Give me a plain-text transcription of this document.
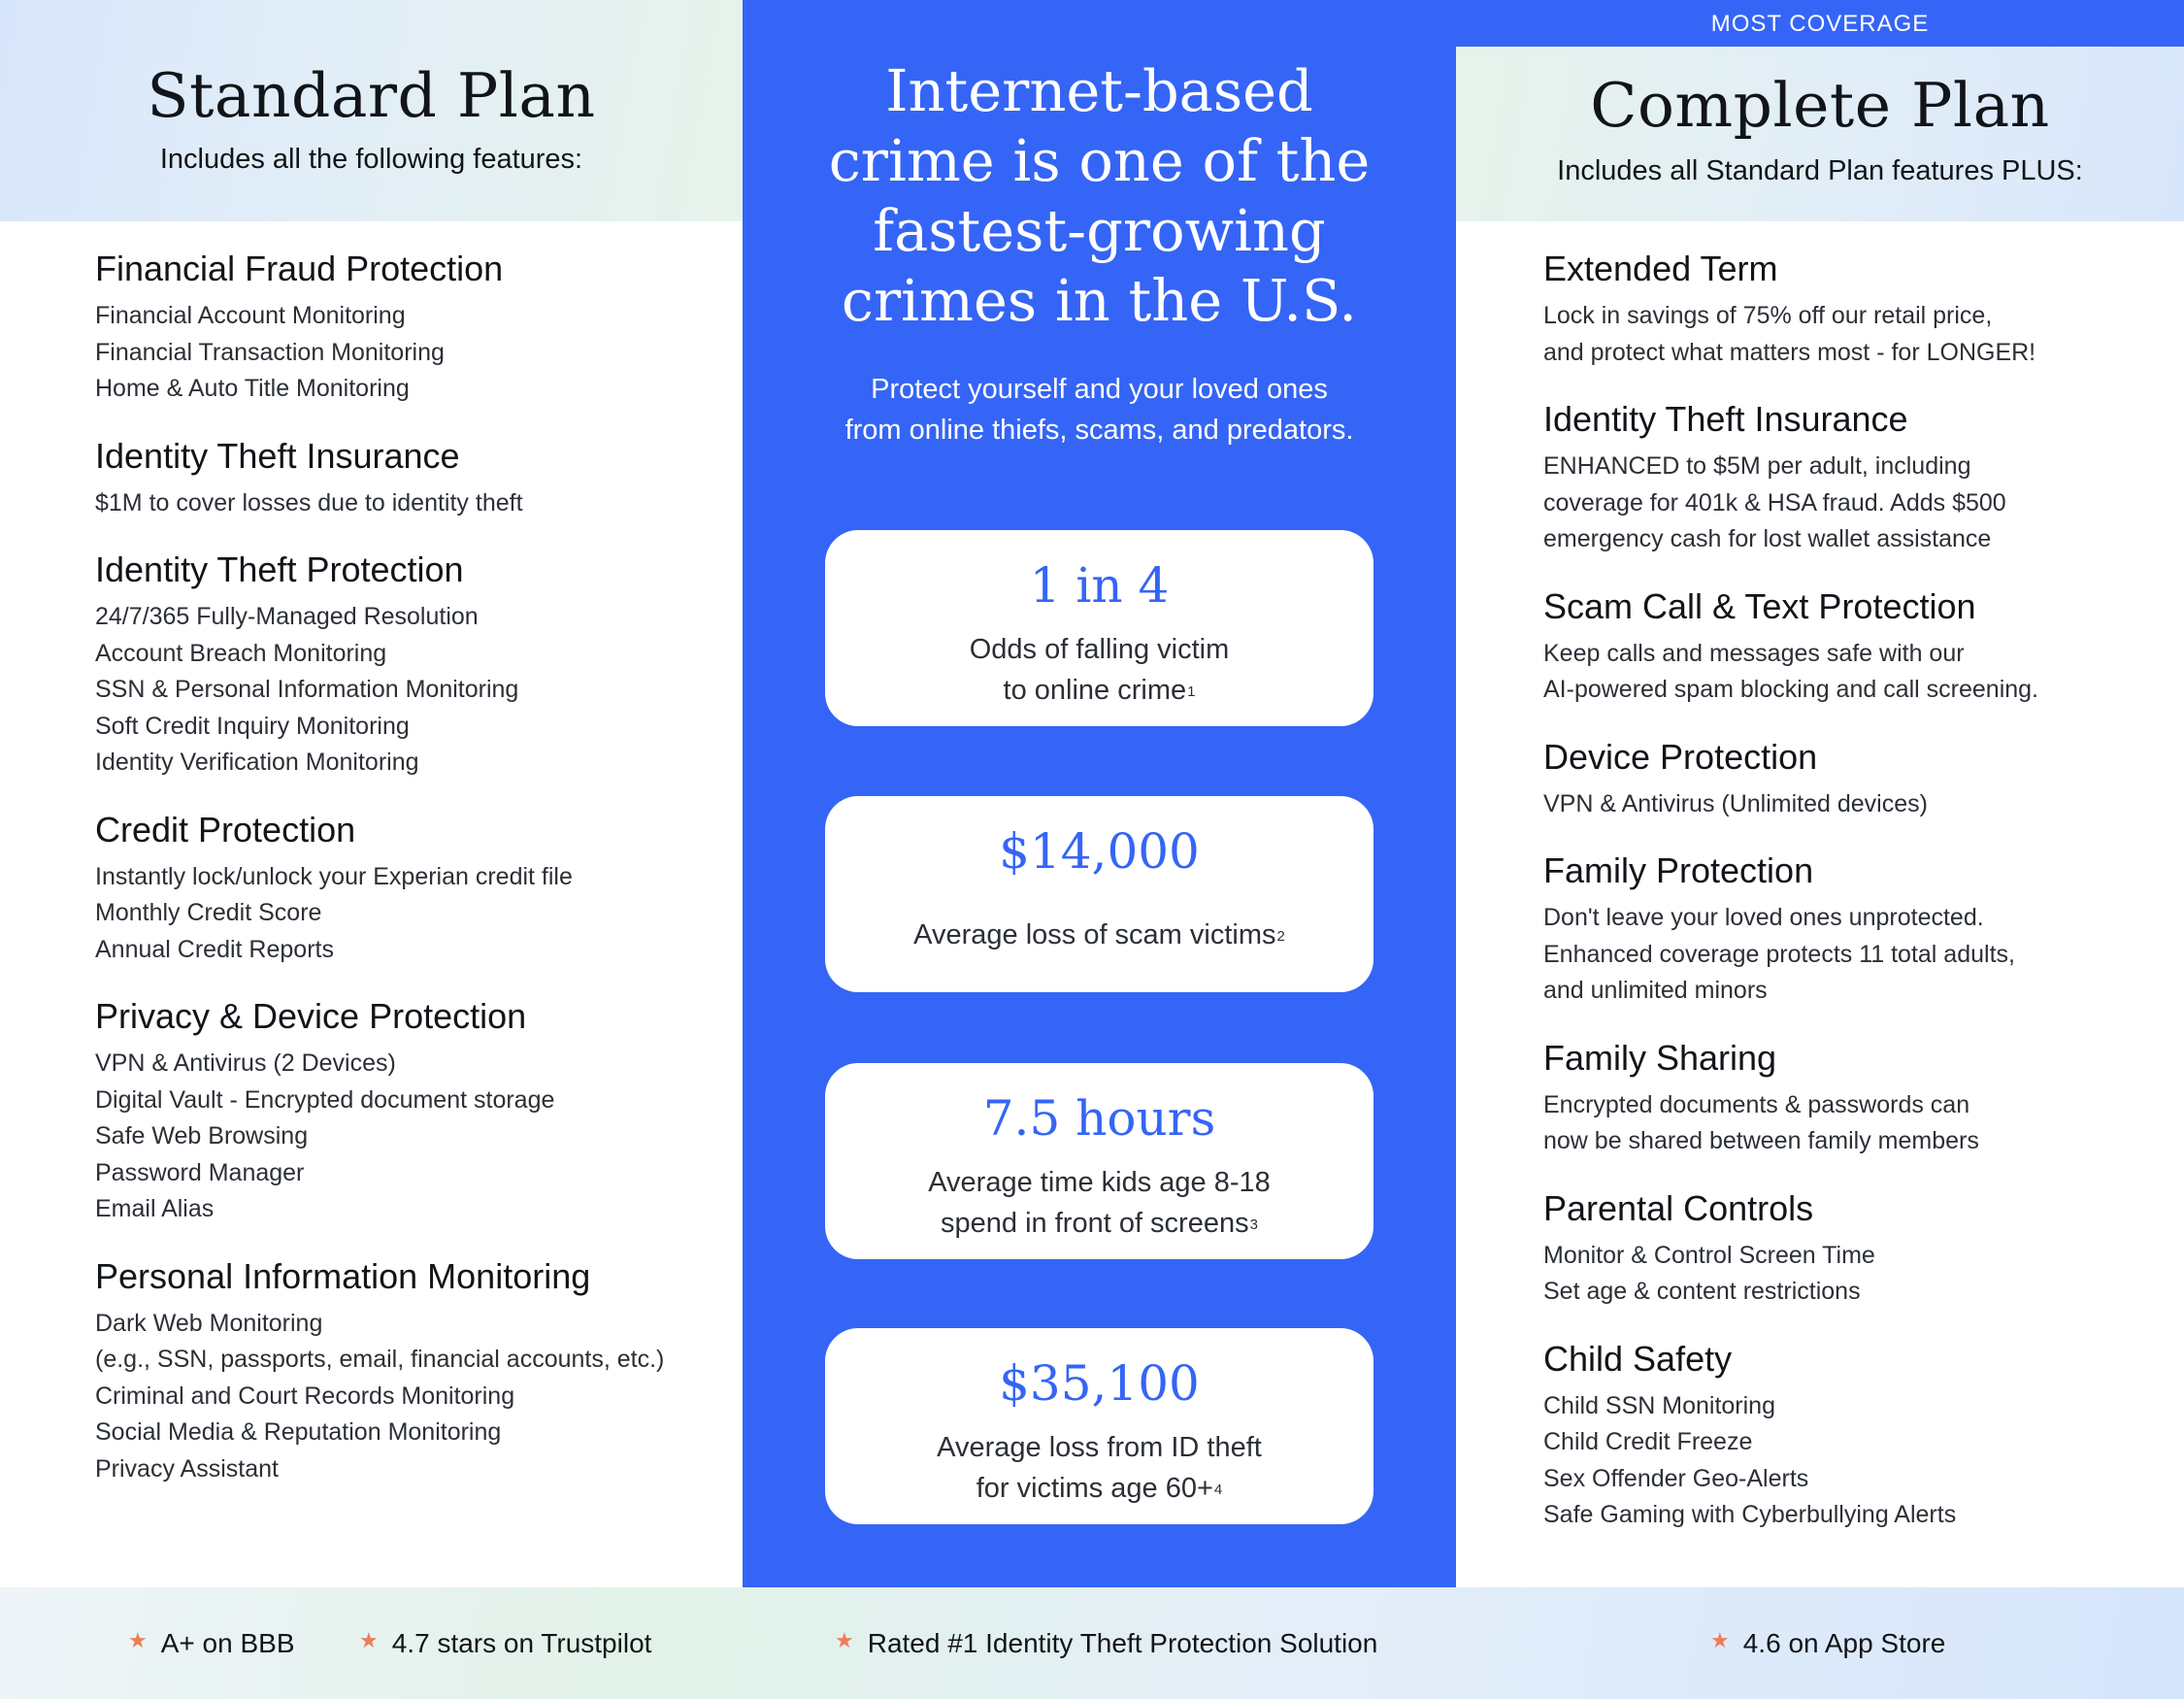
Standard Plan
Includes all the following features:
Financial Fraud Protection
Financial Account Monitoring
Financial Transaction Monitoring
Home & Auto Title Monitoring
Identity Theft Insurance
$1M to cover losses due to identity theft
Identity Theft Protection
24/7/365 Fully-Managed Resolution
Account Breach Monitoring
SSN & Personal Information Monitoring
Soft Credit Inquiry Monitoring
Identity Verification Monitoring
Credit Protection
Instantly lock/unlock your Experian credit file
Monthly Credit Score
Annual Credit Reports
Privacy & Device Protection
VPN & Antivirus (2 Devices)
Digital Vault - Encrypted document storage
Safe Web Browsing
Password Manager
Email Alias
Personal Information Monitoring
Dark Web Monitoring
(e.g., SSN, passports, email, financial accounts, etc.)
Criminal and Court Records Monitoring
Social Media & Reputation Monitoring
Privacy Assistant
Internet-based
crime is one of the
fastest-growing
crimes in the U.S.
Protect yourself and your loved ones
from online thiefs, scams, and predators.
1 in 4
Odds of falling victim
to online crime$^1$
$14,000
Average loss of scam victims$^2$
7.5 hours
Average time kids age 8-18
spend in front of screens$^3$
$35,100
Average loss from ID theft
for victims age 60+$^4$
MOST COVERAGE
Complete Plan
Includes all Standard Plan features PLUS:
Extended Term
Lock in savings of 75% off our retail price,
and protect what matters most - for LONGER!
Identity Theft Insurance
ENHANCED to $5M per adult, including
coverage for 401k & HSA fraud. Adds $500
emergency cash for lost wallet assistance
Scam Call & Text Protection
Keep calls and messages safe with our
AI-powered spam blocking and call screening.
Device Protection
VPN & Antivirus (Unlimited devices)
Family Protection
Don't leave your loved ones unprotected.
Enhanced coverage protects 11 total adults,
and unlimited minors
Family Sharing
Encrypted documents & passwords can
now be shared between family members
Parental Controls
Monitor & Control Screen Time
Set age & content restrictions
Child Safety
Child SSN Monitoring
Child Credit Freeze
Sex Offender Geo-Alerts
Safe Gaming with Cyberbullying Alerts
★ A+ on BBB	★ 4.7 stars on Trustpilot	★ Rated #1 Identity Theft Protection Solution	★ 4.6 on App Store
